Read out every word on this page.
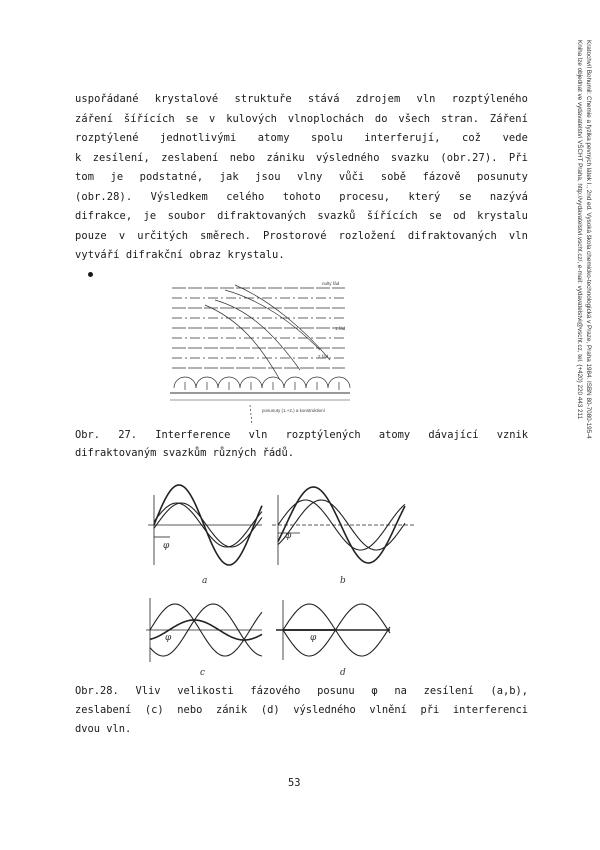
Kratochvíl Bohumil: Chemie a fyzika pevných látek I., 2nd ed. Vysoká škola chemicko-technologická v Praze, Praha 1984. ISBN 80-7080-195-4
Kniha lze objednat ve vydavatelství VŠCHT Praha, http://vydavatelstvi.vscht.cz/, e-mail: vydavatelstvi@vscht.cz, tel. (+420) 220 443 211
uspořádané krystalové struktuře stává zdrojem vln rozptýleného
záření šířících se v kulových vlnoplochách do všech stran. Záření
rozptýlené jednotlivými atomy spolu interferují, což vede
k zesílení, zeslabení nebo zániku výsledného svazku (obr.27). Při
tom je podstatné, jak jsou vlny vůči sobě fázově posunuty
(obr.28). Výsledkem celého tohoto procesu, který se nazývá
difrakce, je soubor difraktovaných svazků šířících se od krystalu
pouze v určitých směrech. Prostorové rozložení difraktovaných vln
vytváří difrakční obraz krystalu.
nulty řád
1.řád
2.řád
posunuty (1.+2.) a konstruktivní
Obr. 27. Interference vln rozptýlených atomy dávající vznik
difraktovaným svazkům různých řádů.
φ
φ
φ	φ
a	b
c	d
Obr.28. Vliv velikosti fázového posunu φ na zesílení (a,b),
zeslabení (c) nebo zánik (d) výsledného vlnění při interferenci
dvou vln.
53
